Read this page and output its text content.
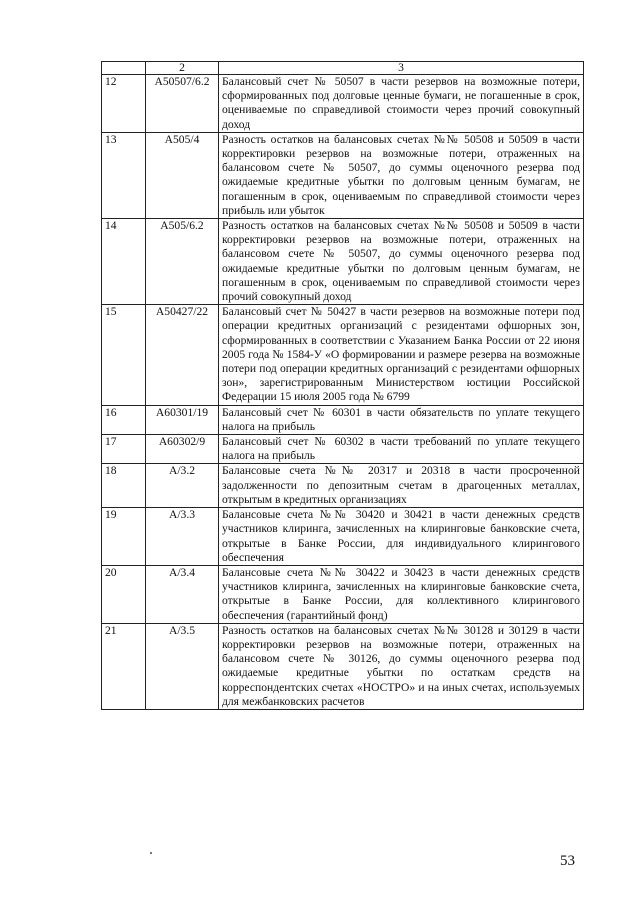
	2	3
12	А50507/6.2	Балансовый счет № 50507 в части резервов на возможные потери, сформированных под долговые ценные бумаги, не погашенные в срок, оцениваемые по справедливой стоимости через прочий совокупный доход
13	А505/4	Разность остатков на балансовых счетах №№ 50508 и 50509 в части корректировки резервов на возможные потери, отраженных на балансовом счете № 50507, до суммы оценочного резерва под ожидаемые кредитные убытки по долговым ценным бумагам, не погашенным в срок, оцениваемым по справедливой стоимости через прибыль или убыток
14	А505/6.2	Разность остатков на балансовых счетах №№ 50508 и 50509 в части корректировки резервов на возможные потери, отраженных на балансовом счете № 50507, до суммы оценочного резерва под ожидаемые кредитные убытки по долговым ценным бумагам, не погашенным в срок, оцениваемым по справедливой стоимости через прочий совокупный доход
15	А50427/22	Балансовый счет № 50427 в части резервов на возможные потери под операции кредитных организаций с резидентами офшорных зон, сформированных в соответствии с Указанием Банка России от 22 июня 2005 года № 1584-У «О формировании и размере резерва на возможные потери под операции кредитных организаций с резидентами офшорных зон», зарегистрированным Министерством юстиции Российской Федерации 15 июля 2005 года № 6799
16	А60301/19	Балансовый счет № 60301 в части обязательств по уплате текущего налога на прибыль
17	А60302/9	Балансовый счет № 60302 в части требований по уплате текущего налога на прибыль
18	А/3.2	Балансовые счета №№ 20317 и 20318 в части просроченной задолженности по депозитным счетам в драгоценных металлах, открытым в кредитных организациях
19	А/3.3	Балансовые счета №№ 30420 и 30421 в части денежных средств участников клиринга, зачисленных на клиринговые банковские счета, открытые в Банке России, для индивидуального клирингового обеспечения
20	А/3.4	Балансовые счета №№ 30422 и 30423 в части денежных средств участников клиринга, зачисленных на клиринговые банковские счета, открытые в Банке России, для коллективного клирингового обеспечения (гарантийный фонд)
21	А/3.5	Разность остатков на балансовых счетах №№ 30128 и 30129 в части корректировки резервов на возможные потери, отраженных на балансовом счете № 30126, до суммы оценочного резерва под ожидаемые кредитные убытки по остаткам средств на корреспондентских счетах «НОСТРО» и на иных счетах, используемых для межбанковских расчетов
53
